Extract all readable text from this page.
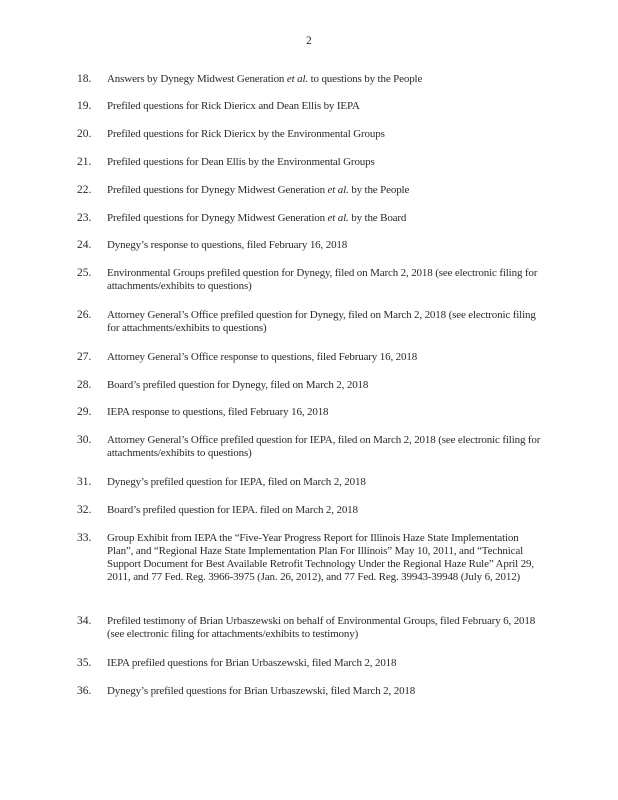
2
18.	Answers by Dynegy Midwest Generation et al. to questions by the People
19.	Prefiled questions for Rick Diericx and Dean Ellis by IEPA
20.	Prefiled questions for Rick Diericx by the Environmental Groups
21.	Prefiled questions for Dean Ellis by the Environmental Groups
22.	Prefiled questions for Dynegy Midwest Generation et al. by the People
23.	Prefiled questions for Dynegy Midwest Generation et al. by the Board
24.	Dynegy’s response to questions, filed February 16, 2018
25.	Environmental Groups prefiled question for Dynegy, filed on March 2, 2018 (see electronic filing for attachments/exhibits to questions)
26.	Attorney General’s Office prefiled question for Dynegy, filed on March 2, 2018 (see electronic filing for attachments/exhibits to questions)
27.	Attorney General’s Office response to questions, filed February 16, 2018
28.	Board’s prefiled question for Dynegy, filed on March 2, 2018
29.	IEPA response to questions, filed February 16, 2018
30.	Attorney General’s Office prefiled question for IEPA, filed on March 2, 2018 (see electronic filing for attachments/exhibits to questions)
31.	Dynegy’s prefiled question for IEPA, filed on March 2, 2018
32.	Board’s prefiled question for IEPA. filed on March 2, 2018
33.	Group Exhibit from IEPA the “Five-Year Progress Report for Illinois Haze State Implementation Plan”, and “Regional Haze State Implementation Plan For Illinois” May 10, 2011, and “Technical Support Document for Best Available Retrofit Technology Under the Regional Haze Rule” April 29, 2011, and 77 Fed. Reg. 3966-3975 (Jan. 26, 2012), and 77 Fed. Reg. 39943-39948 (July 6, 2012)
34.	Prefiled testimony of Brian Urbaszewski on behalf of Environmental Groups, filed February 6, 2018 (see electronic filing for attachments/exhibits to testimony)
35.	IEPA prefiled questions for Brian Urbaszewski, filed March 2, 2018
36.	Dynegy’s prefiled questions for Brian Urbaszewski, filed March 2, 2018
